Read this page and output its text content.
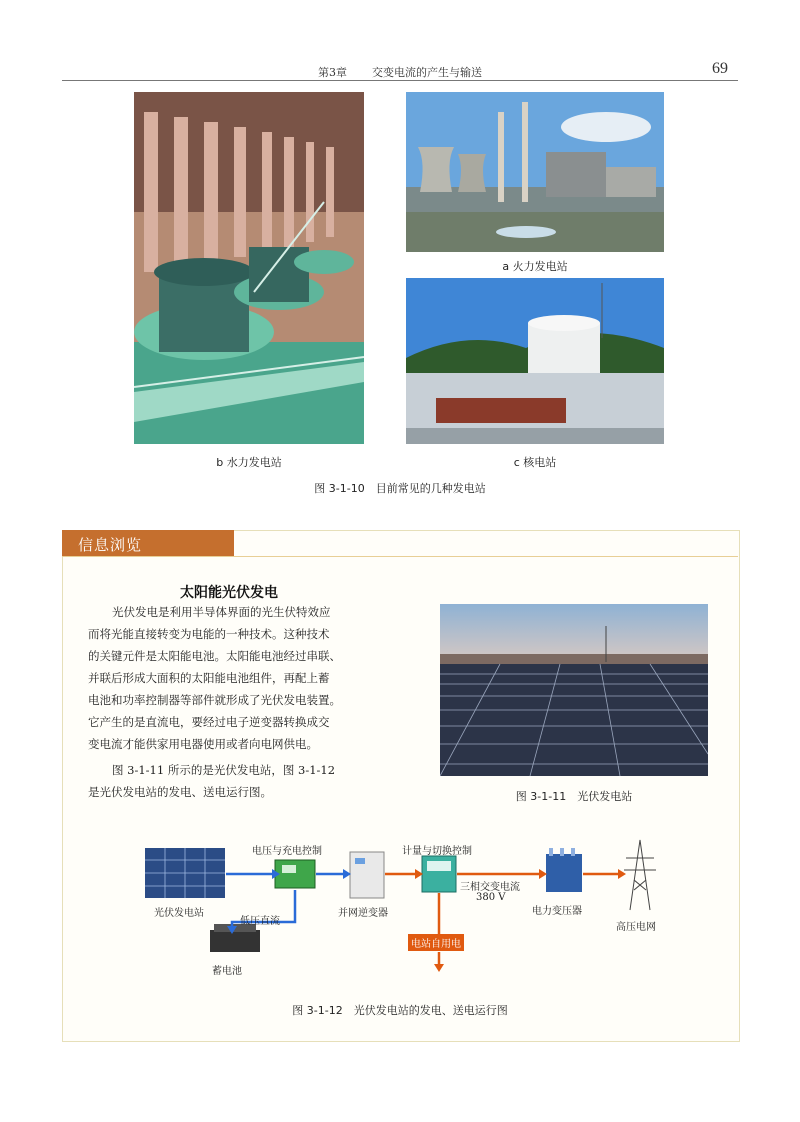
第3章 交变电流的产生与输送	69
a 火力发电站
b 水力发电站	c 核电站
图 3-1-10　目前常见的几种发电站
信息浏览
太阳能光伏发电
光伏发电是利用半导体界面的光生伏特效应
而将光能直接转变为电能的一种技术。这种技术
的关键元件是太阳能电池。太阳能电池经过串联、
并联后形成大面积的太阳能电池组件，再配上蓄
电池和功率控制器等部件就形成了光伏发电装置。
它产生的是直流电，要经过电子逆变器转换成交
变电流才能供家用电器使用或者向电网供电。
图 3-1-11 所示的是光伏发电站，图 3-1-12
是光伏发电站的发电、送电运行图。	图 3-1-11　光伏发电站
光伏发电站
电压与充电控制
低压直流
蓄电池
并网逆变器
计量与切换控制
三相交变电流
380 V
电力变压器
高压电网
电站自用电
图 3-1-12　光伏发电站的发电、送电运行图
